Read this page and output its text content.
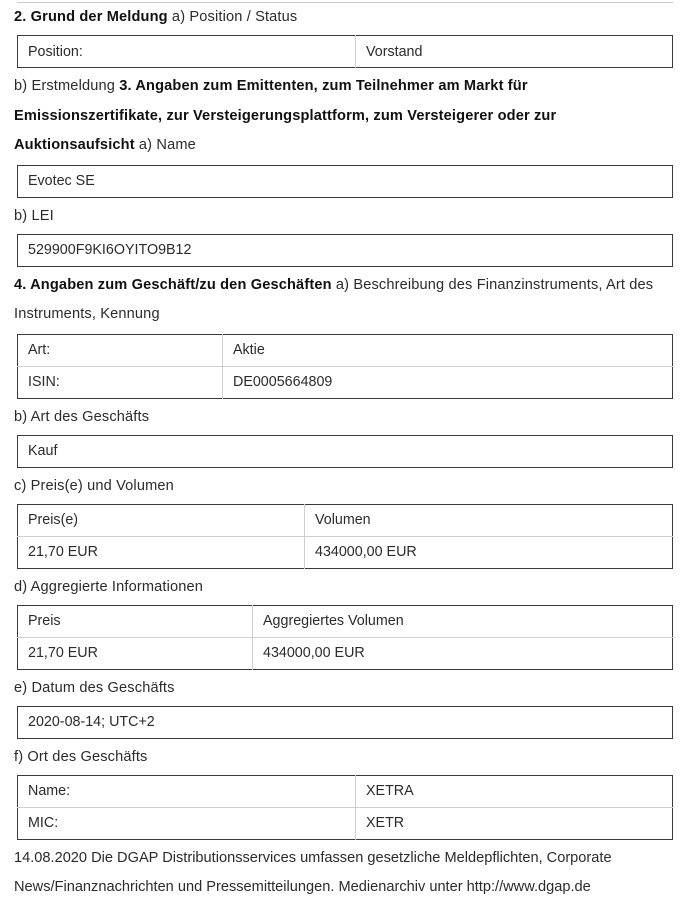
2. Grund der Meldung a) Position / Status

Position:	Vorstand

b) Erstmeldung 3. Angaben zum Emittenten, zum Teilnehmer am Markt für Emissionszertifikate, zur Versteigerungsplattform, zum Versteigerer oder zur Auktionsaufsicht a) Name

Evotec SE

b) LEI

529900F9KI6OYITO9B12

4. Angaben zum Geschäft/zu den Geschäften a) Beschreibung des Finanzinstruments, Art des Instruments, Kennung

Art:	Aktie
ISIN:	DE0005664809

b) Art des Geschäfts

Kauf

c) Preis(e) und Volumen

Preis(e)	Volumen
21,70 EUR	434000,00 EUR

d) Aggregierte Informationen

Preis	Aggregiertes Volumen
21,70 EUR	434000,00 EUR

e) Datum des Geschäfts

2020-08-14; UTC+2

f) Ort des Geschäfts

Name:	XETRA
MIC:	XETR

14.08.2020 Die DGAP Distributionsservices umfassen gesetzliche Meldepflichten, Corporate News/Finanznachrichten und Pressemitteilungen. Medienarchiv unter http://www.dgap.de
